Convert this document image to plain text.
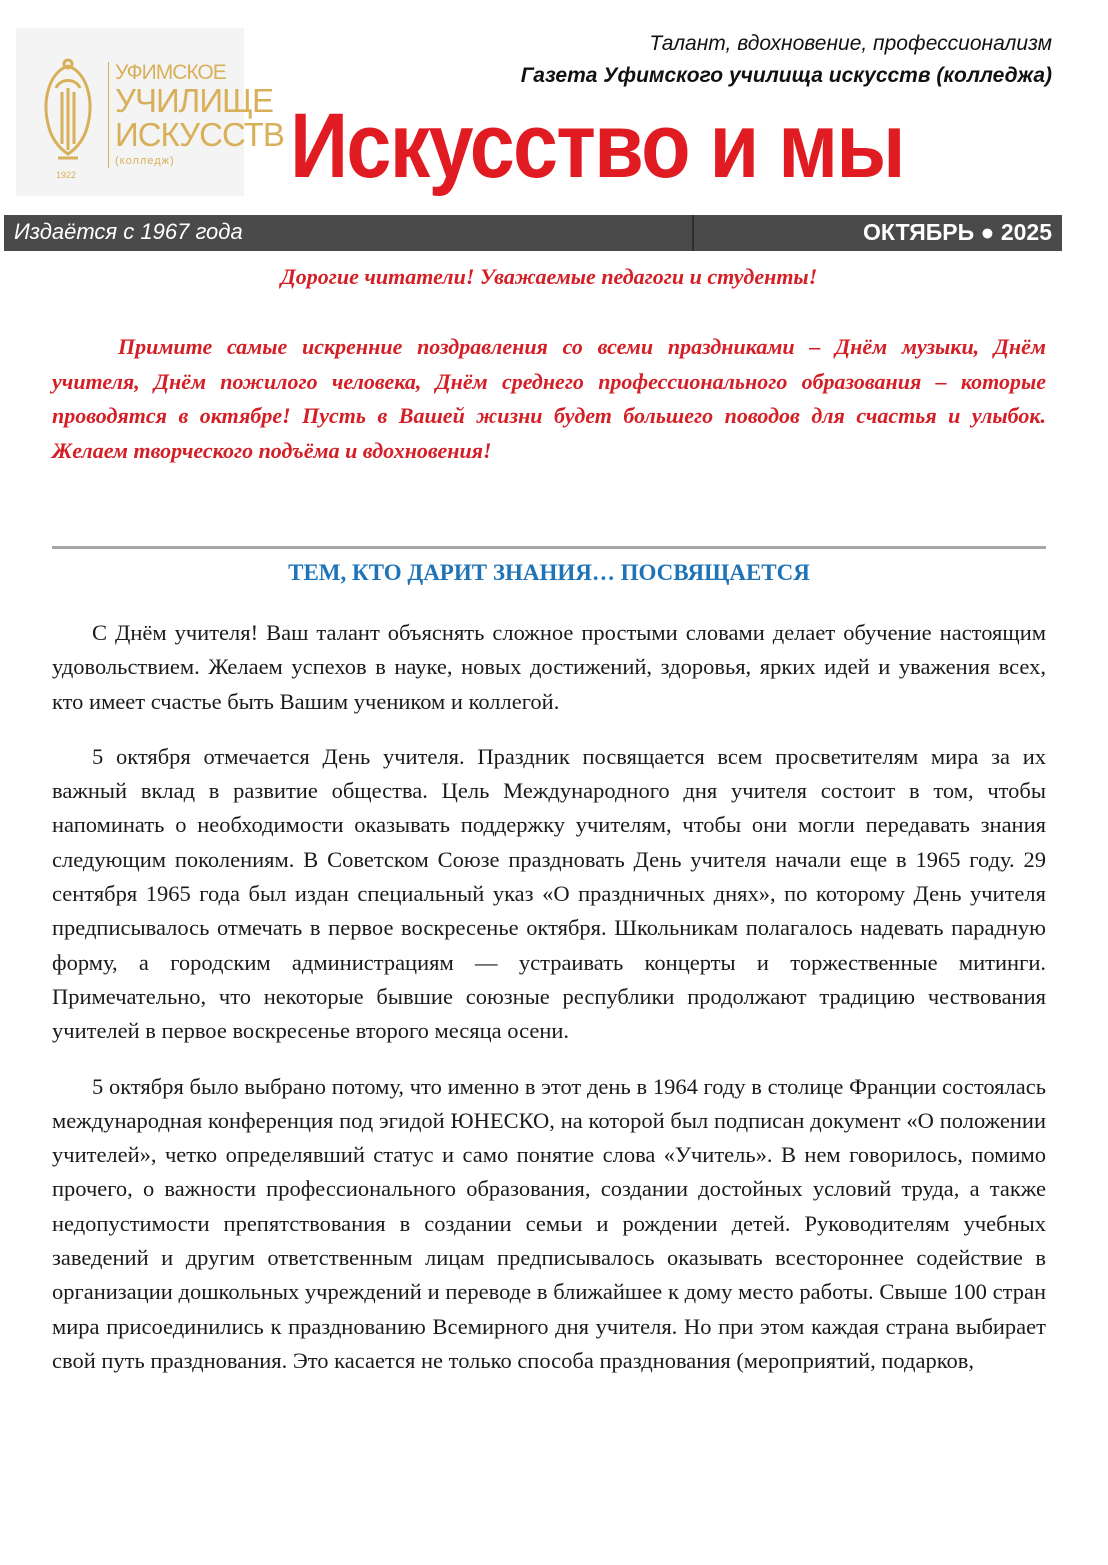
УФИМСКОЕ
УЧИЛИЩЕ
ИСКУССТВ
(колледж)
1922
Талант, вдохновение, профессионализм
Газета Уфимского училища искусств (колледжа)
Искусство и мы
Издаётся с 1967 года	ОКТЯБРЬ ● 2025
Дорогие читатели! Уважаемые педагоги и студенты!
Примите самые искренние поздравления со всеми праздниками – Днём музыки, Днём учителя, Днём пожилого человека, Днём среднего профессионального образования – которые проводятся в октябре! Пусть в Вашей жизни будет большего поводов для счастья и улыбок. Желаем творческого подъёма и вдохновения!
ТЕМ, КТО ДАРИТ ЗНАНИЯ… ПОСВЯЩАЕТСЯ

С Днём учителя! Ваш талант объяснять сложное простыми словами делает обучение настоящим удовольствием. Желаем успехов в науке, новых достижений, здоровья, ярких идей и уважения всех, кто имеет счастье быть Вашим учеником и коллегой.

5 октября отмечается День учителя. Праздник посвящается всем просветителям мира за их важный вклад в развитие общества. Цель Международного дня учителя состоит в том, чтобы напоминать о необходимости оказывать поддержку учителям, чтобы они могли передавать знания следующим поколениям. В Советском Союзе праздновать День учителя начали еще в 1965 году. 29 сентября 1965 года был издан специальный указ «О праздничных днях», по которому День учителя предписывалось отмечать в первое воскресенье октября. Школьникам полагалось надевать парадную форму, а городским администрациям — устраивать концерты и торжественные митинги. Примечательно, что некоторые бывшие союзные республики продолжают традицию чествования учителей в первое воскресенье второго месяца осени.

5 октября было выбрано потому, что именно в этот день в 1964 году в столице Франции состоялась международная конференция под эгидой ЮНЕСКО, на которой был подписан документ «О положении учителей», четко определявший статус и само понятие слова «Учитель». В нем говорилось, помимо прочего, о важности профессионального образования, создании достойных условий труда, а также недопустимости препятствования в создании семьи и рождении детей. Руководителям учебных заведений и другим ответственным лицам предписывалось оказывать всестороннее содействие в организации дошкольных учреждений и переводе в ближайшее к дому место работы. Свыше 100 стран мира присоединились к празднованию Всемирного дня учителя. Но при этом каждая страна выбирает свой путь празднования. Это касается не только способа празднования (мероприятий, подарков,
